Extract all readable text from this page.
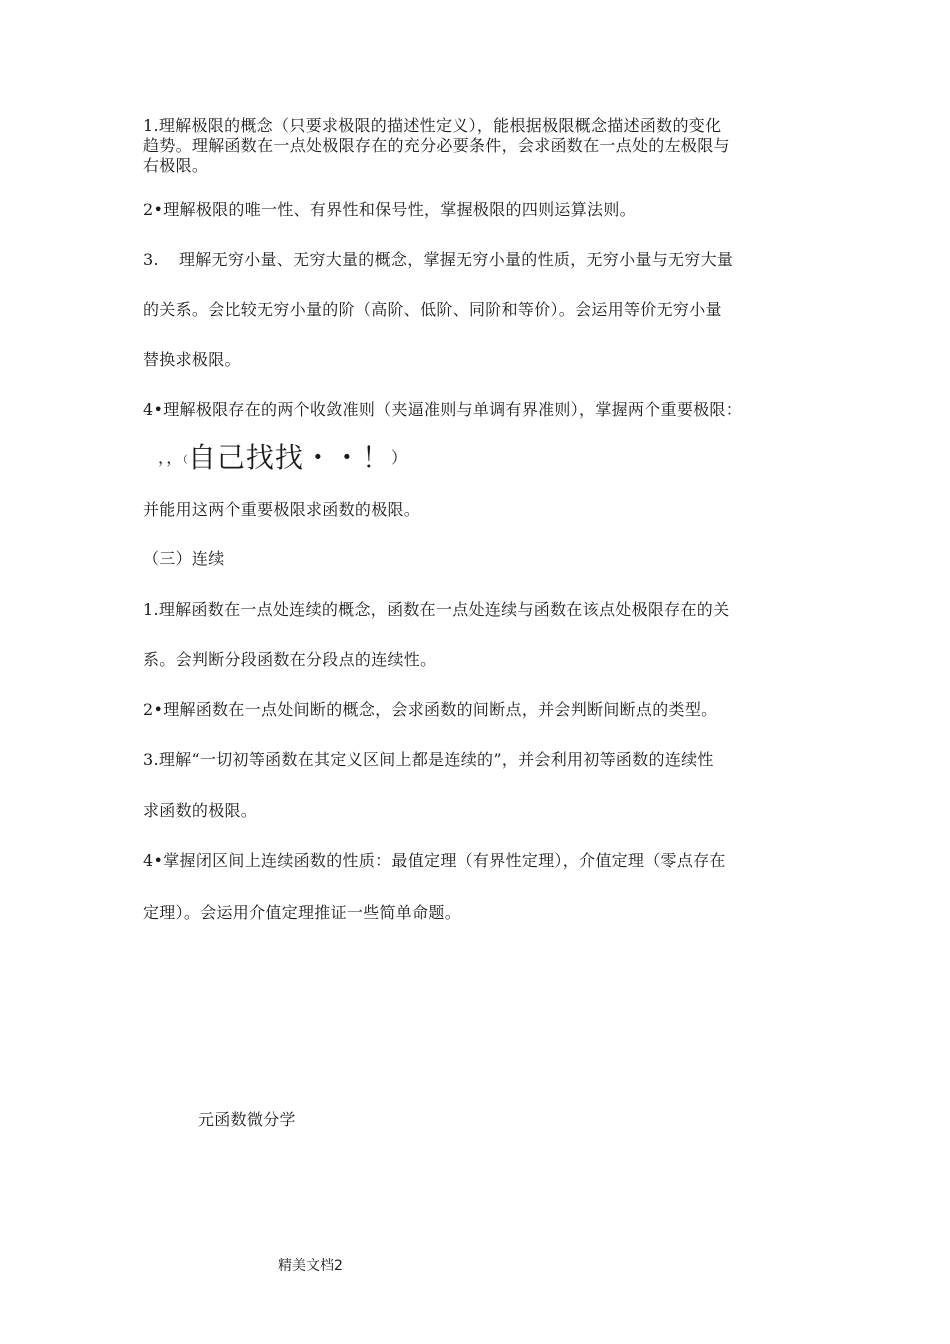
1.理解极限的概念（只要求极限的描述性定义），能根据极限概念描述函数的变化
趋势。理解函数在一点处极限存在的充分必要条件，会求函数在一点处的左极限与
右极限。
2•理解极限的唯一性、有界性和保号性，掌握极限的四则运算法则。
3. 理解无穷小量、无穷大量的概念，掌握无穷小量的性质，无穷小量与无穷大量
的关系。会比较无穷小量的阶（高阶、低阶、同阶和等价）。会运用等价无穷小量
替换求极限。
4•理解极限存在的两个收敛准则（夹逼准则与单调有界准则），掌握两个重要极限：
，，（自己找找・・！）
并能用这两个重要极限求函数的极限。
（三）连续
1.理解函数在一点处连续的概念，函数在一点处连续与函数在该点处极限存在的关
系。会判断分段函数在分段点的连续性。
2•理解函数在一点处间断的概念，会求函数的间断点，并会判断间断点的类型。
3.理解“一切初等函数在其定义区间上都是连续的”，并会利用初等函数的连续性
求函数的极限。
4•掌握闭区间上连续函数的性质：最值定理（有界性定理），介值定理（零点存在
定理）。会运用介值定理推证一些简单命题。
元函数微分学
精美文档2
